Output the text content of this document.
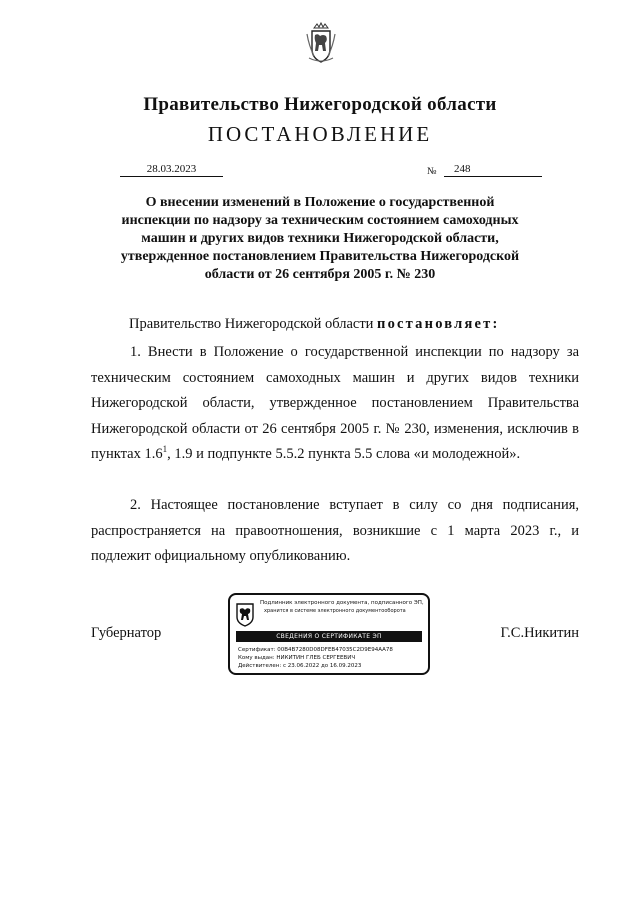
Правительство Нижегородской области
ПОСТАНОВЛЕНИЕ
28.03.2023	№	248
О внесении изменений в Положение о государственной инспекции по надзору за техническим состоянием самоходных машин и других видов техники Нижегородской области, утвержденное постановлением Правительства Нижегородской области от 26 сентября 2005 г. № 230
Правительство Нижегородской области постановляет:
1. Внести в Положение о государственной инспекции по надзору за техническим состоянием самоходных машин и других видов техники Нижегородской области, утвержденное постановлением Правительства Нижегородской области от 26 сентября 2005 г. № 230, изменения, исключив в пунктах $1.6^1$, 1.9 и подпункте 5.5.2 пункта 5.5 слова «и молодежной».
2. Настоящее постановление вступает в силу со дня подписания, распространяется на правоотношения, возникшие с 1 марта 2023 г., и подлежит официальному опубликованию.
Губернатор	Г.С.Никитин
Подлинник электронного документа, подписанного ЭП,
хранится в системе электронного документооборота
СВЕДЕНИЯ О СЕРТИФИКАТЕ ЭП
Сертификат: 00B4B7280D08DFEB47035C2D9E94AA78
Кому выдан: НИКИТИН ГЛЕБ СЕРГЕЕВИЧ
Действителен: с 23.06.2022 до 16.09.2023
